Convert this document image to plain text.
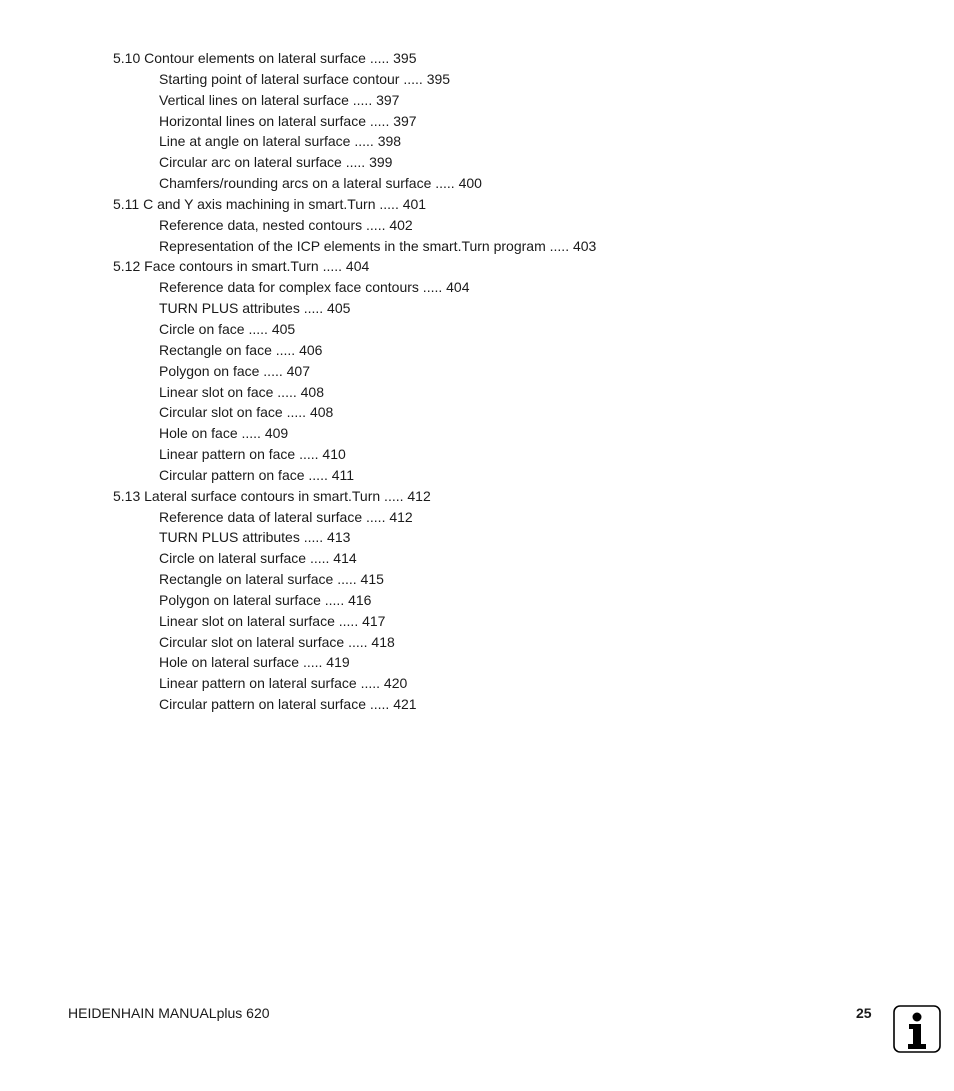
5.10 Contour elements on lateral surface ..... 395
Starting point of lateral surface contour ..... 395
Vertical lines on lateral surface ..... 397
Horizontal lines on lateral surface ..... 397
Line at angle on lateral surface ..... 398
Circular arc on lateral surface ..... 399
Chamfers/rounding arcs on a lateral surface ..... 400
5.11 C and Y axis machining in smart.Turn ..... 401
Reference data, nested contours ..... 402
Representation of the ICP elements in the smart.Turn program ..... 403
5.12 Face contours in smart.Turn ..... 404
Reference data for complex face contours ..... 404
TURN PLUS attributes ..... 405
Circle on face ..... 405
Rectangle on face ..... 406
Polygon on face ..... 407
Linear slot on face ..... 408
Circular slot on face ..... 408
Hole on face ..... 409
Linear pattern on face ..... 410
Circular pattern on face ..... 411
5.13 Lateral surface contours in smart.Turn ..... 412
Reference data of lateral surface ..... 412
TURN PLUS attributes ..... 413
Circle on lateral surface ..... 414
Rectangle on lateral surface ..... 415
Polygon on lateral surface ..... 416
Linear slot on lateral surface ..... 417
Circular slot on lateral surface ..... 418
Hole on lateral surface ..... 419
Linear pattern on lateral surface ..... 420
Circular pattern on lateral surface ..... 421
HEIDENHAIN MANUALplus 620	25
